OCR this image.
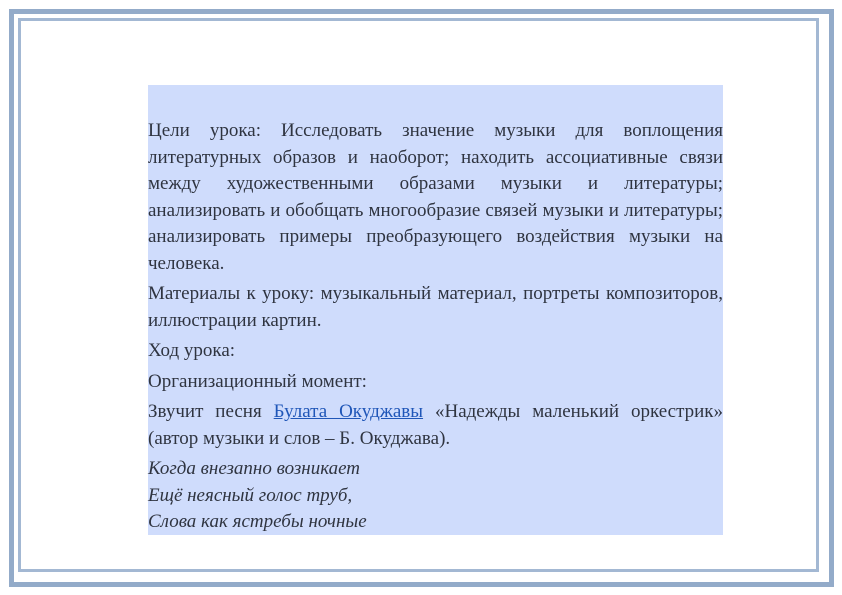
Цели урока: Исследовать значение музыки для воплощения литературных образов и наоборот; находить ассоциативные связи между художественными образами музыки и литературы; анализировать и обобщать многообразие связей музыки и литературы; анализировать примеры преобразующего воздействия музыки на человека.

Материалы к уроку: музыкальный материал, портреты композиторов, иллюстрации картин.

Ход урока:

Организационный момент:

Звучит песня Булата Окуджавы «Надежды маленький оркестрик» (автор музыки и слов – Б. Окуджава).

Когда внезапно возникает

Ещё неясный голос труб,

Слова как ястребы ночные
